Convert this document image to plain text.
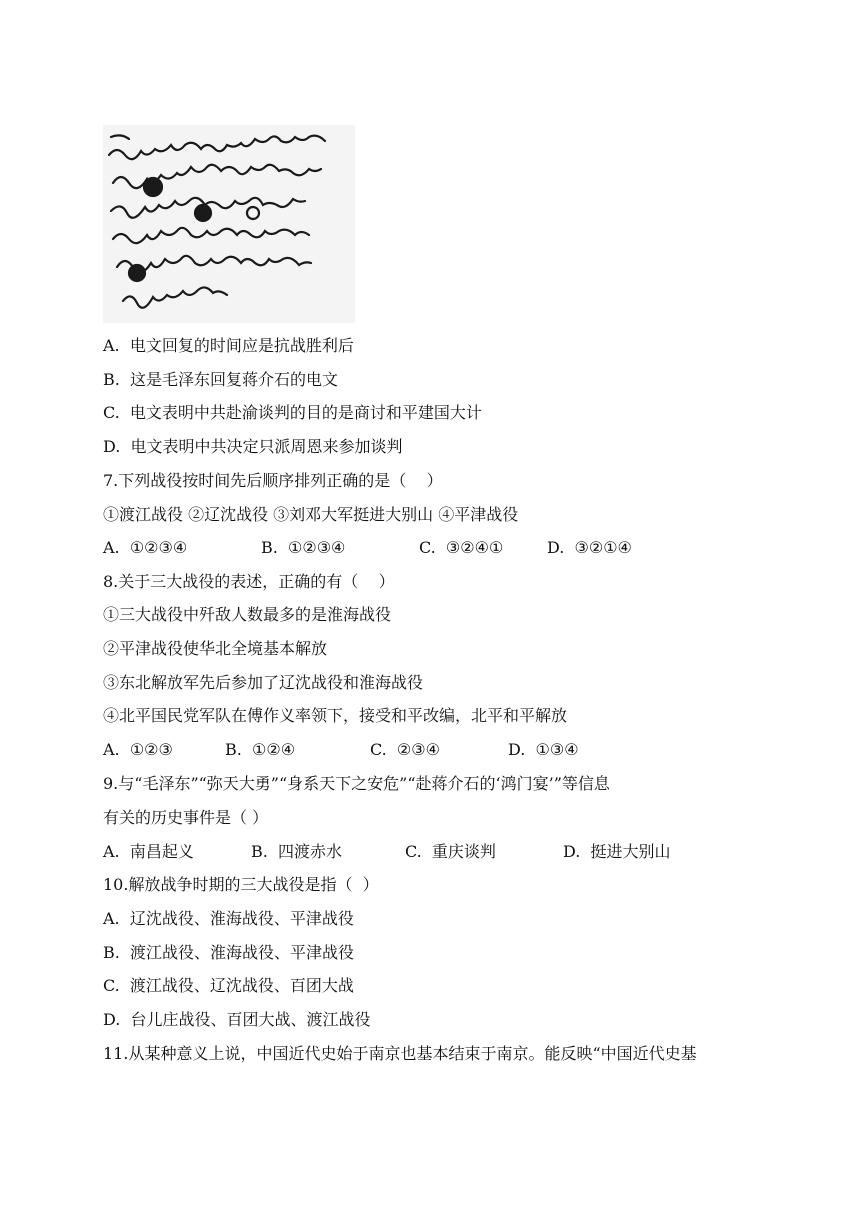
A.  电文回复的时间应是抗战胜利后
B.  这是毛泽东回复蒋介石的电文
C.  电文表明中共赴渝谈判的目的是商讨和平建国大计
D.  电文表明中共决定只派周恩来参加谈判
7.下列战役按时间先后顺序排列正确的是（    ）
①渡江战役 ②辽沈战役 ③刘邓大军挺进大别山 ④平津战役
A.  ①②③④	B.  ①②③④	C.  ③②④①	D.  ③②①④
8.关于三大战役的表述，正确的有（    ）
①三大战役中歼敌人数最多的是淮海战役
②平津战役使华北全境基本解放
③东北解放军先后参加了辽沈战役和淮海战役
④北平国民党军队在傅作义率领下，接受和平改编，北平和平解放
A.  ①②③	B.  ①②④	C.  ②③④	D.  ①③④
9.与“毛泽东”“弥天大勇”“身系天下之安危”“赴蒋介石的‘鸿门宴’”等信息
有关的历史事件是（ ）
A.  南昌起义	B.  四渡赤水	C.  重庆谈判	D.  挺进大别山
10.解放战争时期的三大战役是指（  ）
A.  辽沈战役、淮海战役、平津战役
B.  渡江战役、淮海战役、平津战役
C.  渡江战役、辽沈战役、百团大战
D.  台儿庄战役、百团大战、渡江战役
11.从某种意义上说，中国近代史始于南京也基本结束于南京。能反映“中国近代史基
